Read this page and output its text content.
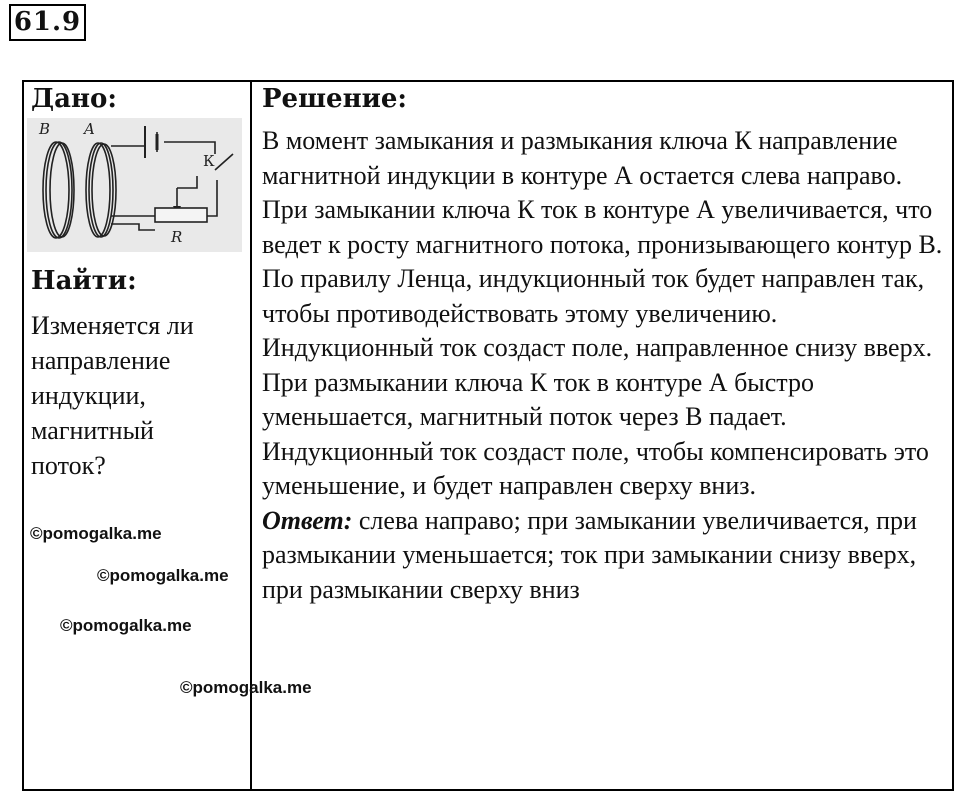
61.9
Дано:	Решение:
B A
К
R
Найти:
Изменяется ли
направление
индукции,
магнитный
поток?

В момент замыкания и размыкания ключа К направление магнитной индукции в контуре А остается слева направо.

При замыкании ключа К ток в контуре А увеличивается, что ведет к росту магнитного потока, пронизывающего контур В. По правилу Ленца, индукционный ток будет направлен так, чтобы противодействовать этому увеличению.

Индукционный ток создаст поле, направленное снизу вверх.

При размыкании ключа К ток в контуре А быстро уменьшается, магнитный поток через В падает.

Индукционный ток создаст поле, чтобы компенсировать это уменьшение, и будет направлен сверху вниз.

Ответ: слева направо; при замыкании увеличивается, при размыкании уменьшается; ток при замыкании снизу вверх, при размыкании сверху вниз

©pomogalka.me
©pomogalka.me
©pomogalka.me
©pomogalka.me
